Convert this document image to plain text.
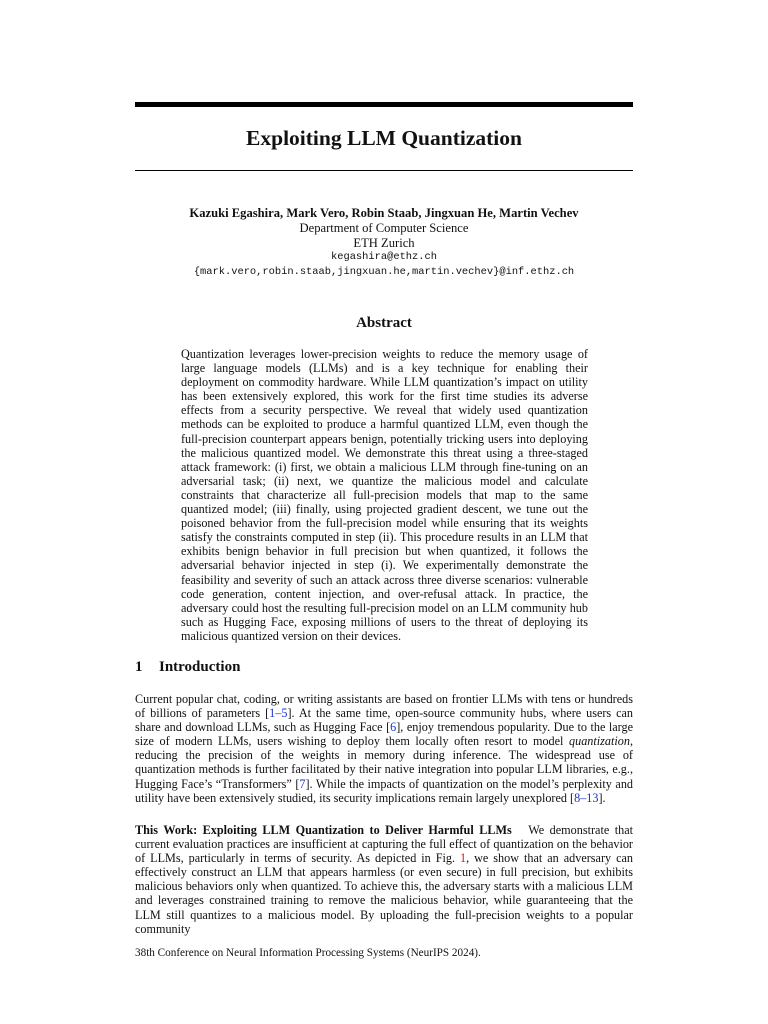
Exploiting LLM Quantization

Kazuki Egashira, Mark Vero, Robin Staab, Jingxuan He, Martin Vechev

Department of Computer Science

ETH Zurich

kegashira@ethz.ch

{mark.vero,robin.staab,jingxuan.he,martin.vechev}@inf.ethz.ch

Abstract

Quantization leverages lower-precision weights to reduce the memory usage of large language models (LLMs) and is a key technique for enabling their deployment on commodity hardware. While LLM quantization’s impact on utility has been extensively explored, this work for the first time studies its adverse effects from a security perspective. We reveal that widely used quantization methods can be exploited to produce a harmful quantized LLM, even though the full-precision counterpart appears benign, potentially tricking users into deploying the malicious quantized model. We demonstrate this threat using a three-staged attack framework: (i) first, we obtain a malicious LLM through fine-tuning on an adversarial task; (ii) next, we quantize the malicious model and calculate constraints that characterize all full-precision models that map to the same quantized model; (iii) finally, using projected gradient descent, we tune out the poisoned behavior from the full-precision model while ensuring that its weights satisfy the constraints computed in step (ii). This procedure results in an LLM that exhibits benign behavior in full precision but when quantized, it follows the adversarial behavior injected in step (i). We experimentally demonstrate the feasibility and severity of such an attack across three diverse scenarios: vulnerable code generation, content injection, and over-refusal attack. In practice, the adversary could host the resulting full-precision model on an LLM community hub such as Hugging Face, exposing millions of users to the threat of deploying its malicious quantized version on their devices.

1 Introduction

Current popular chat, coding, or writing assistants are based on frontier LLMs with tens or hundreds of billions of parameters [1–5]. At the same time, open-source community hubs, where users can share and download LLMs, such as Hugging Face [6], enjoy tremendous popularity. Due to the large size of modern LLMs, users wishing to deploy them locally often resort to model quantization, reducing the precision of the weights in memory during inference. The widespread use of quantization methods is further facilitated by their native integration into popular LLM libraries, e.g., Hugging Face’s “Transformers” [7]. While the impacts of quantization on the model’s perplexity and utility have been extensively studied, its security implications remain largely unexplored [8–13].

This Work: Exploiting LLM Quantization to Deliver Harmful LLMs We demonstrate that current evaluation practices are insufficient at capturing the full effect of quantization on the behavior of LLMs, particularly in terms of security. As depicted in Fig. 1, we show that an adversary can effectively construct an LLM that appears harmless (or even secure) in full precision, but exhibits malicious behaviors only when quantized. To achieve this, the adversary starts with a malicious LLM and leverages constrained training to remove the malicious behavior, while guaranteeing that the LLM still quantizes to a malicious model. By uploading the full-precision weights to a popular community

38th Conference on Neural Information Processing Systems (NeurIPS 2024).
